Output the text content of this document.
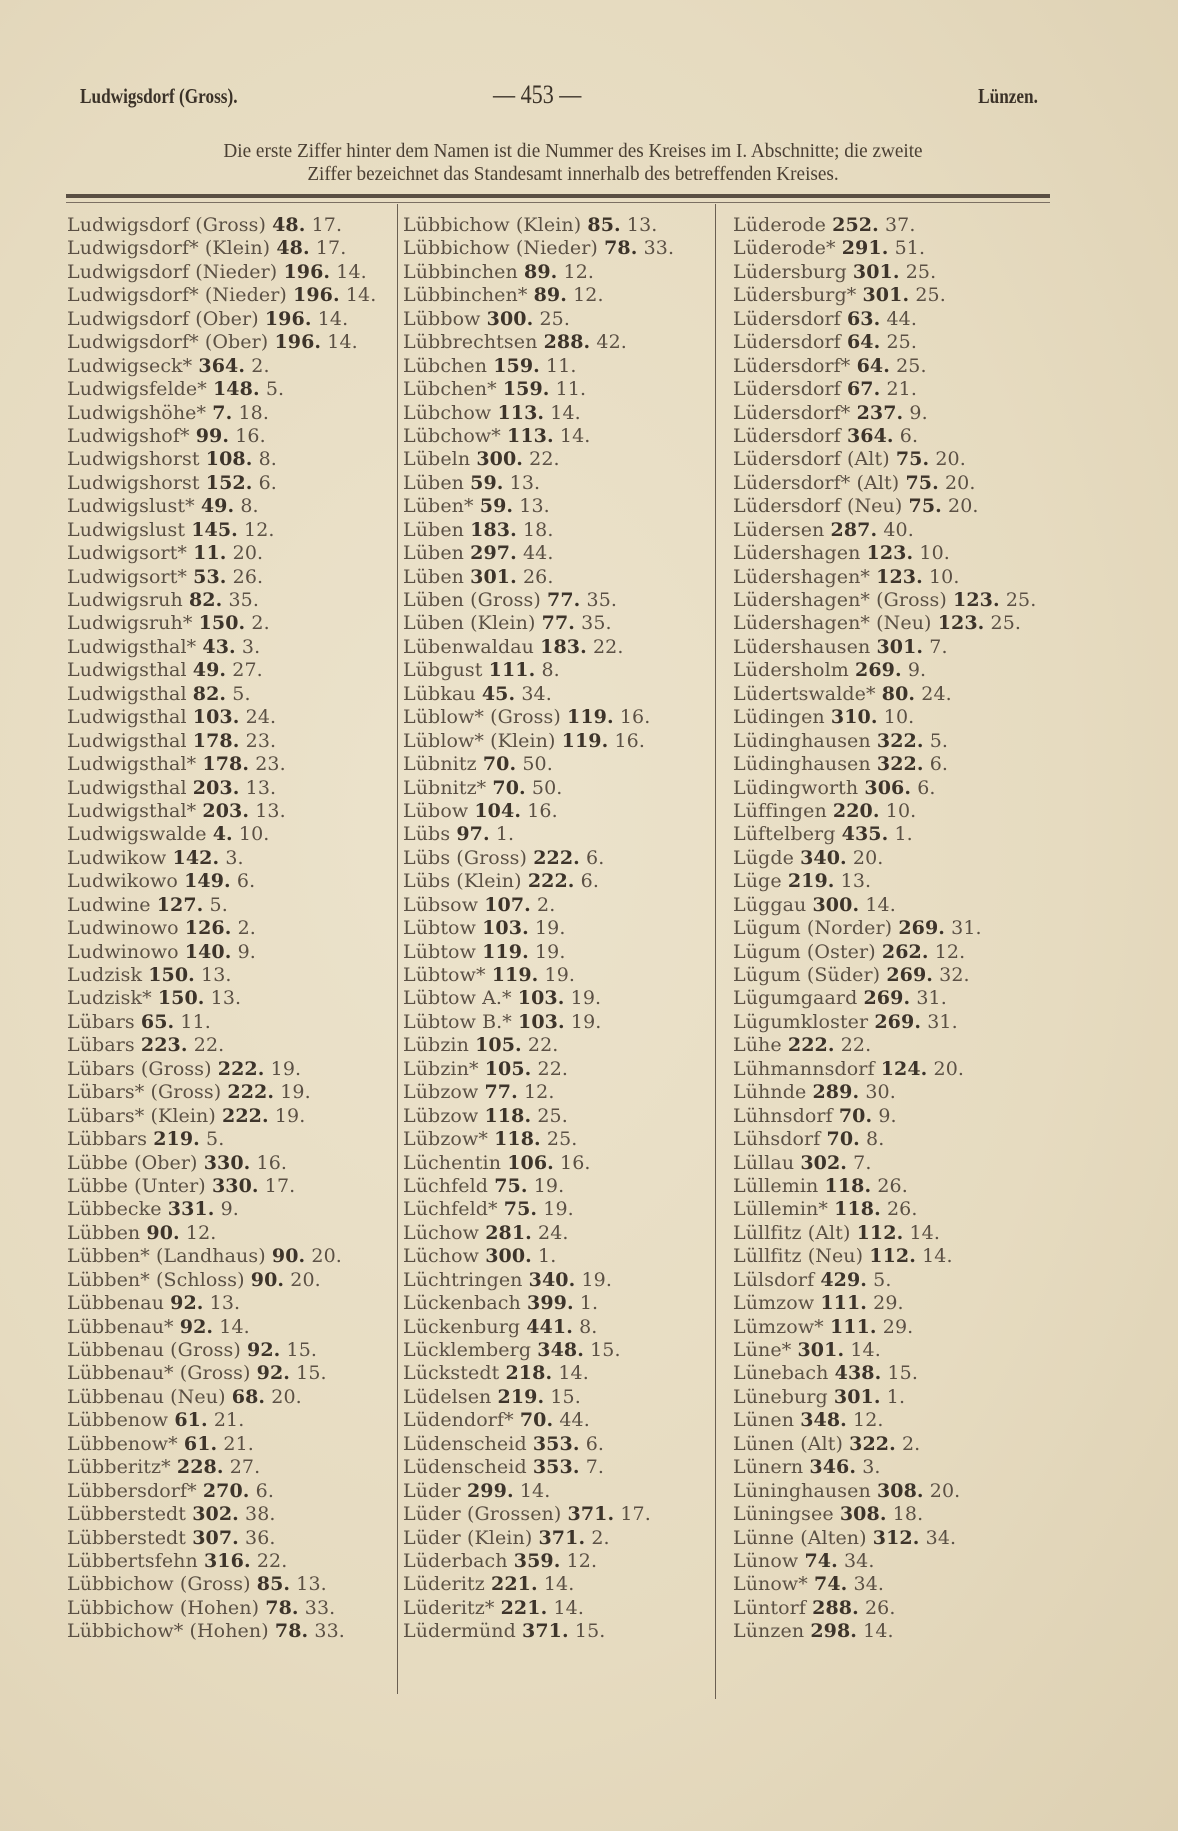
Ludwigsdorf (Gross).	— 453 —	Lünzen.
Die erste Ziffer hinter dem Namen ist die Nummer des Kreises im I. Abschnitte; die zweite
Ziffer bezeichnet das Standesamt innerhalb des betreffenden Kreises.
Ludwigsdorf (Gross) 48. 17.
Ludwigsdorf* (Klein) 48. 17.
Ludwigsdorf (Nieder) 196. 14.
Ludwigsdorf* (Nieder) 196. 14.
Ludwigsdorf (Ober) 196. 14.
Ludwigsdorf* (Ober) 196. 14.
Ludwigseck* 364. 2.
Ludwigsfelde* 148. 5.
Ludwigshöhe* 7. 18.
Ludwigshof* 99. 16.
Ludwigshorst 108. 8.
Ludwigshorst 152. 6.
Ludwigslust* 49. 8.
Ludwigslust 145. 12.
Ludwigsort* 11. 20.
Ludwigsort* 53. 26.
Ludwigsruh 82. 35.
Ludwigsruh* 150. 2.
Ludwigsthal* 43. 3.
Ludwigsthal 49. 27.
Ludwigsthal 82. 5.
Ludwigsthal 103. 24.
Ludwigsthal 178. 23.
Ludwigsthal* 178. 23.
Ludwigsthal 203. 13.
Ludwigsthal* 203. 13.
Ludwigswalde 4. 10.
Ludwikow 142. 3.
Ludwikowo 149. 6.
Ludwine 127. 5.
Ludwinowo 126. 2.
Ludwinowo 140. 9.
Ludzisk 150. 13.
Ludzisk* 150. 13.
Lübars 65. 11.
Lübars 223. 22.
Lübars (Gross) 222. 19.
Lübars* (Gross) 222. 19.
Lübars* (Klein) 222. 19.
Lübbars 219. 5.
Lübbe (Ober) 330. 16.
Lübbe (Unter) 330. 17.
Lübbecke 331. 9.
Lübben 90. 12.
Lübben* (Landhaus) 90. 20.
Lübben* (Schloss) 90. 20.
Lübbenau 92. 13.
Lübbenau* 92. 14.
Lübbenau (Gross) 92. 15.
Lübbenau* (Gross) 92. 15.
Lübbenau (Neu) 68. 20.
Lübbenow 61. 21.
Lübbenow* 61. 21.
Lübberitz* 228. 27.
Lübbersdorf* 270. 6.
Lübberstedt 302. 38.
Lübberstedt 307. 36.
Lübbertsfehn 316. 22.
Lübbichow (Gross) 85. 13.
Lübbichow (Hohen) 78. 33.
Lübbichow* (Hohen) 78. 33.
Lübbichow (Klein) 85. 13.
Lübbichow (Nieder) 78. 33.
Lübbinchen 89. 12.
Lübbinchen* 89. 12.
Lübbow 300. 25.
Lübbrechtsen 288. 42.
Lübchen 159. 11.
Lübchen* 159. 11.
Lübchow 113. 14.
Lübchow* 113. 14.
Lübeln 300. 22.
Lüben 59. 13.
Lüben* 59. 13.
Lüben 183. 18.
Lüben 297. 44.
Lüben 301. 26.
Lüben (Gross) 77. 35.
Lüben (Klein) 77. 35.
Lübenwaldau 183. 22.
Lübgust 111. 8.
Lübkau 45. 34.
Lüblow* (Gross) 119. 16.
Lüblow* (Klein) 119. 16.
Lübnitz 70. 50.
Lübnitz* 70. 50.
Lübow 104. 16.
Lübs 97. 1.
Lübs (Gross) 222. 6.
Lübs (Klein) 222. 6.
Lübsow 107. 2.
Lübtow 103. 19.
Lübtow 119. 19.
Lübtow* 119. 19.
Lübtow A.* 103. 19.
Lübtow B.* 103. 19.
Lübzin 105. 22.
Lübzin* 105. 22.
Lübzow 77. 12.
Lübzow 118. 25.
Lübzow* 118. 25.
Lüchentin 106. 16.
Lüchfeld 75. 19.
Lüchfeld* 75. 19.
Lüchow 281. 24.
Lüchow 300. 1.
Lüchtringen 340. 19.
Lückenbach 399. 1.
Lückenburg 441. 8.
Lücklemberg 348. 15.
Lückstedt 218. 14.
Lüdelsen 219. 15.
Lüdendorf* 70. 44.
Lüdenscheid 353. 6.
Lüdenscheid 353. 7.
Lüder 299. 14.
Lüder (Grossen) 371. 17.
Lüder (Klein) 371. 2.
Lüderbach 359. 12.
Lüderitz 221. 14.
Lüderitz* 221. 14.
Lüdermünd 371. 15.
Lüderode 252. 37.
Lüderode* 291. 51.
Lüdersburg 301. 25.
Lüdersburg* 301. 25.
Lüdersdorf 63. 44.
Lüdersdorf 64. 25.
Lüdersdorf* 64. 25.
Lüdersdorf 67. 21.
Lüdersdorf* 237. 9.
Lüdersdorf 364. 6.
Lüdersdorf (Alt) 75. 20.
Lüdersdorf* (Alt) 75. 20.
Lüdersdorf (Neu) 75. 20.
Lüdersen 287. 40.
Lüdershagen 123. 10.
Lüdershagen* 123. 10.
Lüdershagen* (Gross) 123. 25.
Lüdershagen* (Neu) 123. 25.
Lüdershausen 301. 7.
Lüdersholm 269. 9.
Lüdertswalde* 80. 24.
Lüdingen 310. 10.
Lüdinghausen 322. 5.
Lüdinghausen 322. 6.
Lüdingworth 306. 6.
Lüffingen 220. 10.
Lüftelberg 435. 1.
Lügde 340. 20.
Lüge 219. 13.
Lüggau 300. 14.
Lügum (Norder) 269. 31.
Lügum (Oster) 262. 12.
Lügum (Süder) 269. 32.
Lügumgaard 269. 31.
Lügumkloster 269. 31.
Lühe 222. 22.
Lühmannsdorf 124. 20.
Lühnde 289. 30.
Lühnsdorf 70. 9.
Lühsdorf 70. 8.
Lüllau 302. 7.
Lüllemin 118. 26.
Lüllemin* 118. 26.
Lüllfitz (Alt) 112. 14.
Lüllfitz (Neu) 112. 14.
Lülsdorf 429. 5.
Lümzow 111. 29.
Lümzow* 111. 29.
Lüne* 301. 14.
Lünebach 438. 15.
Lüneburg 301. 1.
Lünen 348. 12.
Lünen (Alt) 322. 2.
Lünern 346. 3.
Lüninghausen 308. 20.
Lüningsee 308. 18.
Lünne (Alten) 312. 34.
Lünow 74. 34.
Lünow* 74. 34.
Lüntorf 288. 26.
Lünzen 298. 14.
